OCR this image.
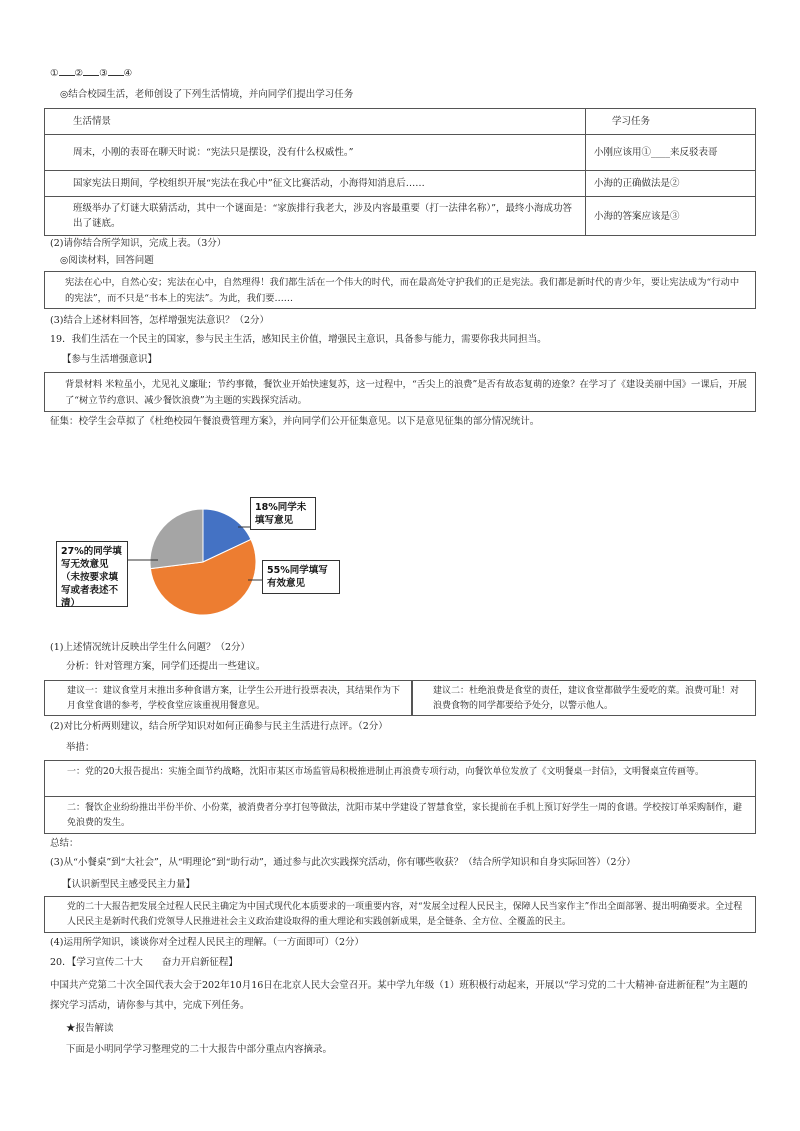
① ② ③ ④
◎结合校园生活，老师创设了下列生活情境，并向同学们提出学习任务
生活情景	学习任务
周末，小刚的表哥在聊天时说：“宪法只是摆设，没有什么权威性。”	小刚应该用①____来反驳表哥
国家宪法日期间，学校组织开展“宪法在我心中”征文比赛活动，小海得知消息后……	小海的正确做法是②
班级举办了灯谜大联猜活动，其中一个谜面是：“家族排行我老大，涉及内容最重要（打一法律名称）”，最终小海成功答出了谜底。	小海的答案应该是③
(2)请你结合所学知识，完成上表。（3分）
◎阅读材料，回答问题
宪法在心中，自然心安；宪法在心中，自然理得！我们都生活在一个伟大的时代，而在最高处守护我们的正是宪法。我们都是新时代的青少年，要让宪法成为“行动中的宪法”，而不只是“书本上的宪法”。为此，我们要……
(3)结合上述材料回答，怎样增强宪法意识？（2分）
19．我们生活在一个民主的国家，参与民主生活，感知民主价值，增强民主意识，具备参与能力，需要你我共同担当。
【参与生活增强意识】
背景材料 米粒虽小，尤见礼义廉耻；节约事微，餐饮业开始快速复苏，这一过程中，“舌尖上的浪费”是否有故态复萌的迹象？在学习了《建设美丽中国》一课后，开展了“树立节约意识、减少餐饮浪费”为主题的实践探究活动。
征集：校学生会草拟了《杜绝校园午餐浪费管理方案》，并向同学们公开征集意见。以下是意见征集的部分情况统计。
18%同学未
填写意见
55%同学填写
有效意见
27%的同学填
写无效意见
（未按要求填
写或者表述不
清）
(1)上述情况统计反映出学生什么问题？（2分）
分析：针对管理方案，同学们还提出一些建议。
建议一：建议食堂月末推出多种食谱方案，让学生公开进行投票表决，其结果作为下月食堂食谱的参考，学校食堂应该重视用餐意见。
建议二：杜绝浪费是食堂的责任，建议食堂都做学生爱吃的菜。浪费可耻！对浪费食物的同学都要给予处分，以警示他人。
(2)对比分析两则建议，结合所学知识对如何正确参与民主生活进行点评。（2分）
举措：
一：党的20大报告提出：实施全面节约战略，沈阳市某区市场监管局积极推进制止再浪费专项行动，向餐饮单位发放了《文明餐桌一封信》，文明餐桌宣传画等。
二：餐饮企业纷纷推出半份半价、小份菜，被消费者分享打包等做法，沈阳市某中学建设了智慧食堂，家长提前在手机上预订好学生一周的食谱。学校按订单采购制作，避免浪费的发生。
总结：
(3)从“小餐桌”到“大社会”，从“明理论”到“助行动”，通过参与此次实践探究活动，你有哪些收获？（结合所学知识和自身实际回答）（2分）
【认识新型民主感受民主力量】
党的二十大报告把发展全过程人民民主确定为中国式现代化本质要求的一项重要内容，对“发展全过程人民民主，保障人民当家作主”作出全面部署、提出明确要求。全过程人民民主是新时代我们党领导人民推进社会主义政治建设取得的重大理论和实践创新成果，是全链条、全方位、全覆盖的民主。
(4)运用所学知识，谈谈你对全过程人民民主的理解。（一方面即可）（2分）
20．【学习宣传二十大　　奋力开启新征程】
中国共产党第二十次全国代表大会于202年10月16日在北京人民大会堂召开。某中学九年级（1）班积极行动起来，开展以“学习党的二十大精神·奋进新征程”为主题的探究学习活动，请你参与其中，完成下列任务。
★报告解读
下面是小明同学学习整理党的二十大报告中部分重点内容摘录。
